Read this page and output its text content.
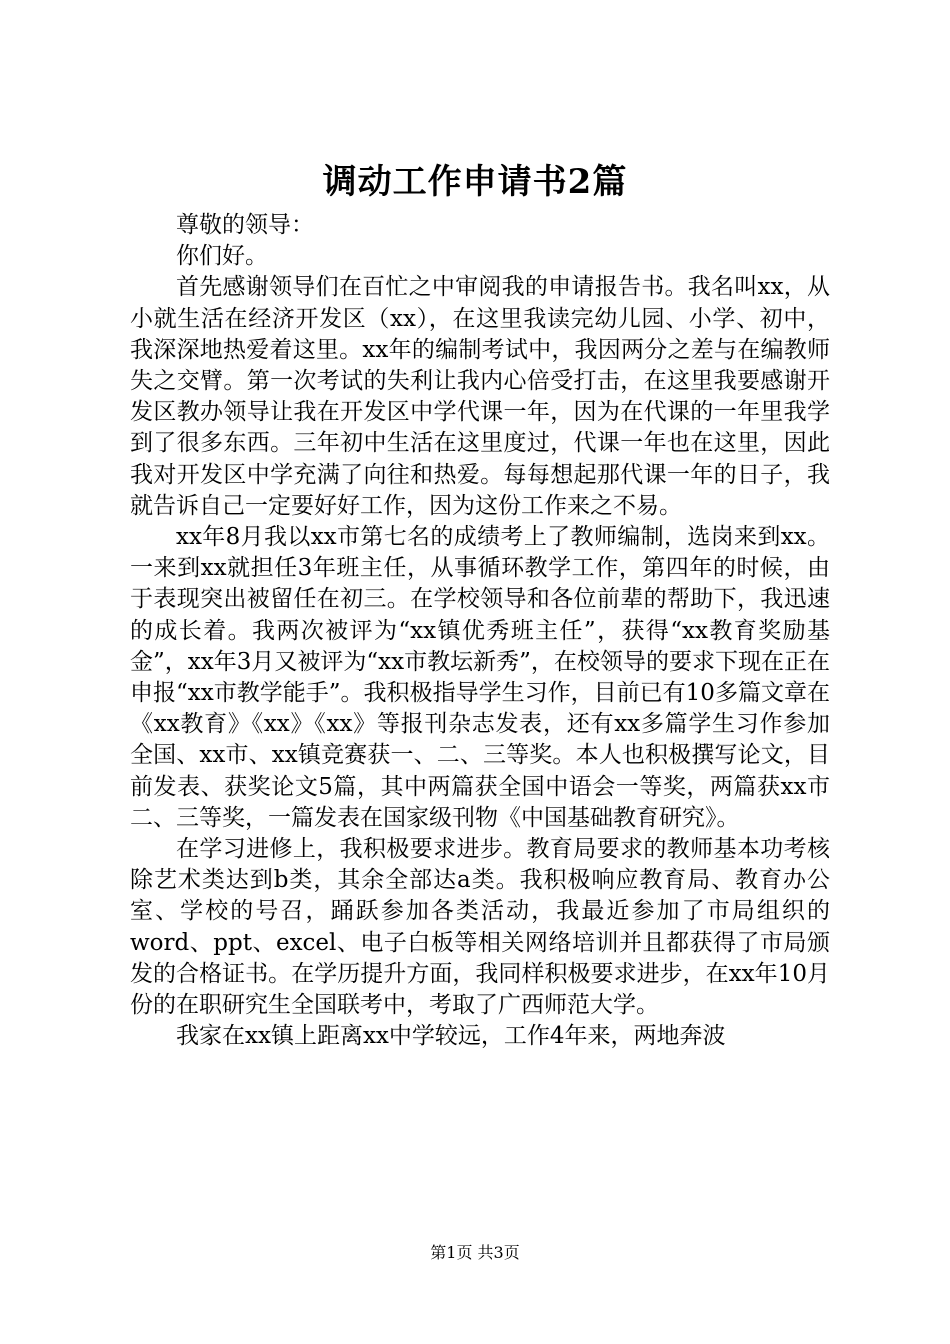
调动工作申请书2篇

尊敬的领导：

你们好。

首先感谢领导们在百忙之中审阅我的申请报告书。我名叫xx，从小就生活在经济开发区（xx），在这里我读完幼儿园、小学、初中，我深深地热爱着这里。xx年的编制考试中，我因两分之差与在编教师失之交臂。第一次考试的失利让我内心倍受打击，在这里我要感谢开发区教办领导让我在开发区中学代课一年，因为在代课的一年里我学到了很多东西。三年初中生活在这里度过，代课一年也在这里，因此我对开发区中学充满了向往和热爱。每每想起那代课一年的日子，我就告诉自己一定要好好工作，因为这份工作来之不易。

xx年8月我以xx市第七名的成绩考上了教师编制，选岗来到xx。一来到xx就担任3年班主任，从事循环教学工作，第四年的时候，由于表现突出被留任在初三。在学校领导和各位前辈的帮助下，我迅速的成长着。我两次被评为“xx镇优秀班主任”，获得“xx教育奖励基金”，xx年3月又被评为“xx市教坛新秀”，在校领导的要求下现在正在申报“xx市教学能手”。我积极指导学生习作，目前已有10多篇文章在《xx教育》《xx》《xx》等报刊杂志发表，还有xx多篇学生习作参加全国、xx市、xx镇竞赛获一、二、三等奖。本人也积极撰写论文，目前发表、获奖论文5篇，其中两篇获全国中语会一等奖，两篇获xx市二、三等奖，一篇发表在国家级刊物《中国基础教育研究》。

在学习进修上，我积极要求进步。教育局要求的教师基本功考核除艺术类达到b类，其余全部达a类。我积极响应教育局、教育办公室、学校的号召，踊跃参加各类活动，我最近参加了市局组织的word、ppt、excel、电子白板等相关网络培训并且都获得了市局颁发的合格证书。在学历提升方面，我同样积极要求进步，在xx年10月份的在职研究生全国联考中，考取了广西师范大学。

我家在xx镇上距离xx中学较远，工作4年来，两地奔波

第1页 共3页
